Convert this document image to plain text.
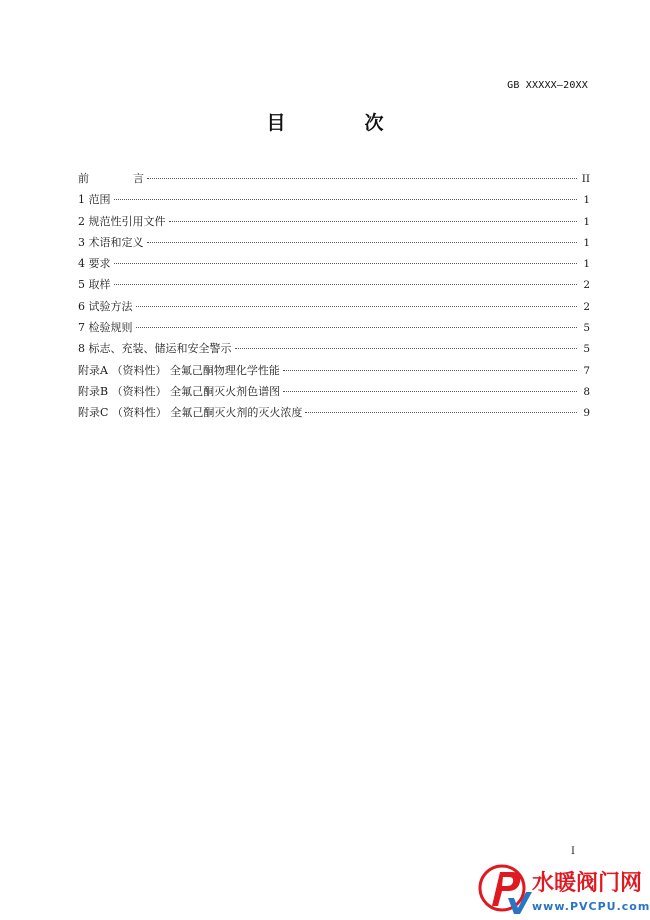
GB XXXXX—20XX
目　次
前　　　　言	II
1 范围	1
2 规范性引用文件	1
3 术语和定义	1
4 要求	1
5 取样	2
6 试验方法	2
7 检验规则	5
8 标志、充装、储运和安全警示	5
附录A （资料性） 全氟己酮物理化学性能	7
附录B （资料性） 全氟己酮灭火剂色谱图	8
附录C （资料性） 全氟己酮灭火剂的灭火浓度	9
I
水暖阀门网
www.PVCPU.com
